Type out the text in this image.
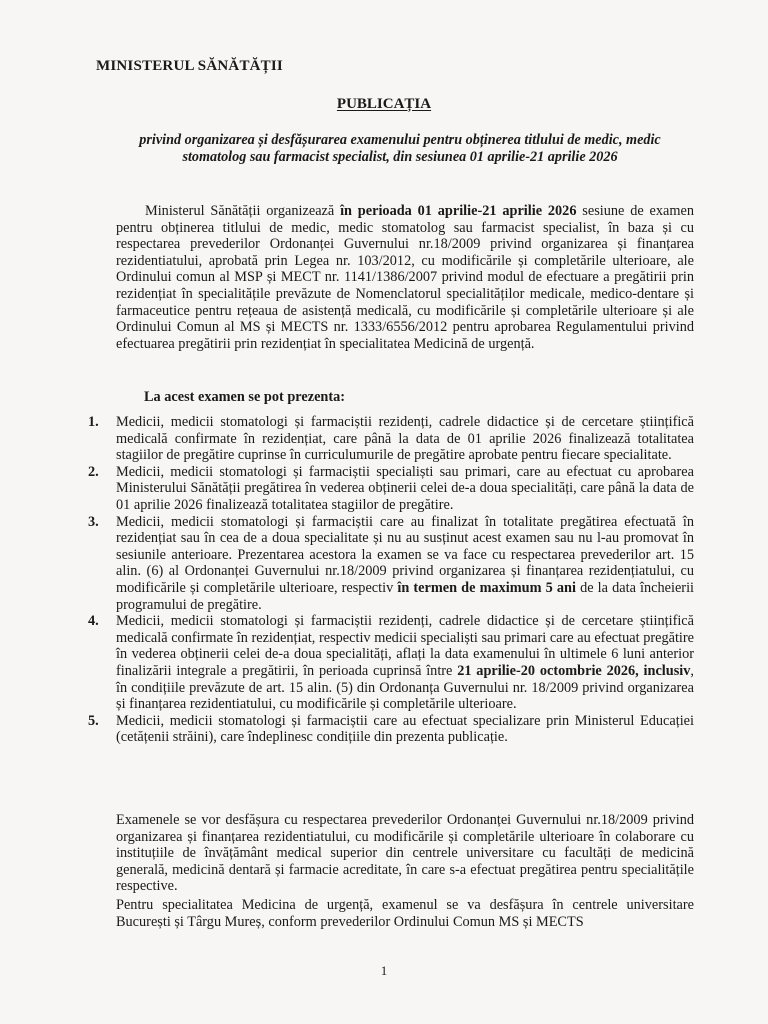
MINISTERUL SĂNĂTĂȚII
PUBLICAȚIA
privind organizarea și desfășurarea examenului pentru obținerea titlului de medic, medic stomatolog sau farmacist specialist, din sesiunea 01 aprilie-21 aprilie 2026
Ministerul Sănătății organizează în perioada 01 aprilie-21 aprilie 2026 sesiune de examen pentru obținerea titlului de medic, medic stomatolog sau farmacist specialist, în baza și cu respectarea prevederilor Ordonanței Guvernului nr.18/2009 privind organizarea și finanțarea rezidentiatului, aprobată prin Legea nr. 103/2012, cu modificările și completările ulterioare, ale Ordinului comun al MSP și MECT nr. 1141/1386/2007 privind modul de efectuare a pregătirii prin rezidențiat în specialitățile prevăzute de Nomenclatorul specialităților medicale, medico-dentare și farmaceutice pentru rețeaua de asistență medicală, cu modificările și completările ulterioare și ale Ordinului Comun al MS și MECTS nr. 1333/6556/2012 pentru aprobarea Regulamentului privind efectuarea pregătirii prin rezidențiat în specialitatea Medicină de urgență.
La acest examen se pot prezenta:
1. Medicii, medicii stomatologi și farmaciștii rezidenți, cadrele didactice și de cercetare științifică medicală confirmate în rezidențiat, care până la data de 01 aprilie 2026 finalizează totalitatea stagiilor de pregătire cuprinse în curriculumurile de pregătire aprobate pentru fiecare specialitate.
2. Medicii, medicii stomatologi și farmaciștii specialiști sau primari, care au efectuat cu aprobarea Ministerului Sănătății pregătirea în vederea obținerii celei de-a doua specialități, care până la data de 01 aprilie 2026 finalizează totalitatea stagiilor de pregătire.
3. Medicii, medicii stomatologi și farmaciștii care au finalizat în totalitate pregătirea efectuată în rezidențiat sau în cea de a doua specialitate și nu au susținut acest examen sau nu l-au promovat în sesiunile anterioare. Prezentarea acestora la examen se va face cu respectarea prevederilor art. 15 alin. (6) al Ordonanței Guvernului nr.18/2009 privind organizarea și finanțarea rezidențiatului, cu modificările și completările ulterioare, respectiv în termen de maximum 5 ani de la data încheierii programului de pregătire.
4. Medicii, medicii stomatologi și farmaciștii rezidenți, cadrele didactice și de cercetare științifică medicală confirmate în rezidențiat, respectiv medicii specialiști sau primari care au efectuat pregătire în vederea obținerii celei de-a doua specialități, aflați la data examenului în ultimele 6 luni anterior finalizării integrale a pregătirii, în perioada cuprinsă între 21 aprilie-20 octombrie 2026, inclusiv, în condițiile prevăzute de art. 15 alin. (5) din Ordonanța Guvernului nr. 18/2009 privind organizarea și finanțarea rezidentiatului, cu modificările și completările ulterioare.
5. Medicii, medicii stomatologi și farmaciștii care au efectuat specializare prin Ministerul Educației (cetățenii străini), care îndeplinesc condițiile din prezenta publicație.
Examenele se vor desfășura cu respectarea prevederilor Ordonanței Guvernului nr.18/2009 privind organizarea și finanțarea rezidentiatului, cu modificările și completările ulterioare în colaborare cu instituțiile de învățământ medical superior din centrele universitare cu facultăți de medicină generală, medicină dentară și farmacie acreditate, în care s-a efectuat pregătirea pentru specialitățile respective.
Pentru specialitatea Medicina de urgență, examenul se va desfășura în centrele universitare București și Târgu Mureș, conform prevederilor Ordinului Comun MS și MECTS
1
